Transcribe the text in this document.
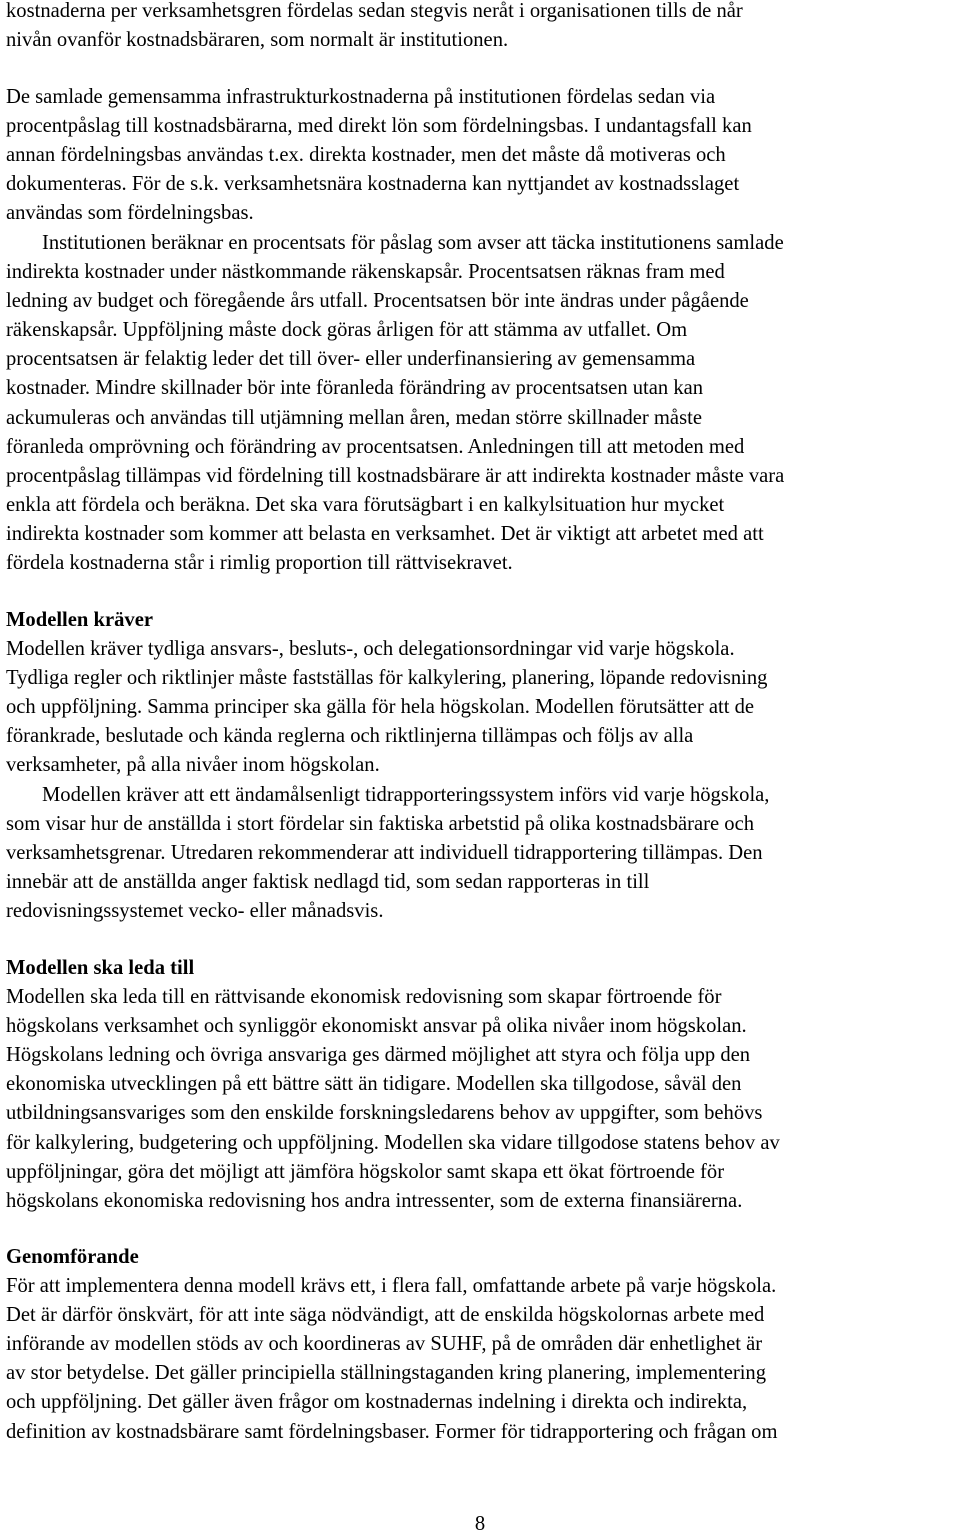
kostnaderna per verksamhetsgren fördelas sedan stegvis neråt i organisationen tills de når

nivån ovanför kostnadsbäraren, som normalt är institutionen.

De samlade gemensamma infrastrukturkostnaderna på institutionen fördelas sedan via

procentpåslag till kostnadsbärarna, med direkt lön som fördelningsbas. I undantagsfall kan

annan fördelningsbas användas t.ex. direkta kostnader, men det måste då motiveras och

dokumenteras. För de s.k. verksamhetsnära kostnaderna kan nyttjandet av kostnadsslaget

användas som fördelningsbas.

Institutionen beräknar en procentsats för påslag som avser att täcka institutionens samlade

indirekta kostnader under nästkommande räkenskapsår. Procentsatsen räknas fram med

ledning av budget och föregående års utfall. Procentsatsen bör inte ändras under pågående

räkenskapsår. Uppföljning måste dock göras årligen för att stämma av utfallet. Om

procentsatsen är felaktig leder det till över- eller underfinansiering av gemensamma

kostnader. Mindre skillnader bör inte föranleda förändring av procentsatsen utan kan

ackumuleras och användas till utjämning mellan åren, medan större skillnader måste

föranleda omprövning och förändring av procentsatsen. Anledningen till att metoden med

procentpåslag tillämpas vid fördelning till kostnadsbärare är att indirekta kostnader måste vara

enkla att fördela och beräkna. Det ska vara förutsägbart i en kalkylsituation hur mycket

indirekta kostnader som kommer att belasta en verksamhet. Det är viktigt att arbetet med att

fördela kostnaderna står i rimlig proportion till rättvisekravet.

Modellen kräver

Modellen kräver tydliga ansvars-, besluts-, och delegationsordningar vid varje högskola.

Tydliga regler och riktlinjer måste fastställas för kalkylering, planering, löpande redovisning

och uppföljning. Samma principer ska gälla för hela högskolan. Modellen förutsätter att de

förankrade, beslutade och kända reglerna och riktlinjerna tillämpas och följs av alla

verksamheter, på alla nivåer inom högskolan.

Modellen kräver att ett ändamålsenligt tidrapporteringssystem införs vid varje högskola,

som visar hur de anställda i stort fördelar sin faktiska arbetstid på olika kostnadsbärare och

verksamhetsgrenar. Utredaren rekommenderar att individuell tidrapportering tillämpas. Den

innebär att de anställda anger faktisk nedlagd tid, som sedan rapporteras in till

redovisningssystemet vecko- eller månadsvis.

Modellen ska leda till

Modellen ska leda till en rättvisande ekonomisk redovisning som skapar förtroende för

högskolans verksamhet och synliggör ekonomiskt ansvar på olika nivåer inom högskolan.

Högskolans ledning och övriga ansvariga ges därmed möjlighet att styra och följa upp den

ekonomiska utvecklingen på ett bättre sätt än tidigare. Modellen ska tillgodose, såväl den

utbildningsansvariges som den enskilde forskningsledarens behov av uppgifter, som behövs

för kalkylering, budgetering och uppföljning. Modellen ska vidare tillgodose statens behov av

uppföljningar, göra det möjligt att jämföra högskolor samt skapa ett ökat förtroende för

högskolans ekonomiska redovisning hos andra intressenter, som de externa finansiärerna.

Genomförande

För att implementera denna modell krävs ett, i flera fall, omfattande arbete på varje högskola.

Det är därför önskvärt, för att inte säga nödvändigt, att de enskilda högskolornas arbete med

införande av modellen stöds av och koordineras av SUHF, på de områden där enhetlighet är

av stor betydelse. Det gäller principiella ställningstaganden kring planering, implementering

och uppföljning. Det gäller även frågor om kostnadernas indelning i direkta och indirekta,

definition av kostnadsbärare samt fördelningsbaser. Former för tidrapportering och frågan om

8
